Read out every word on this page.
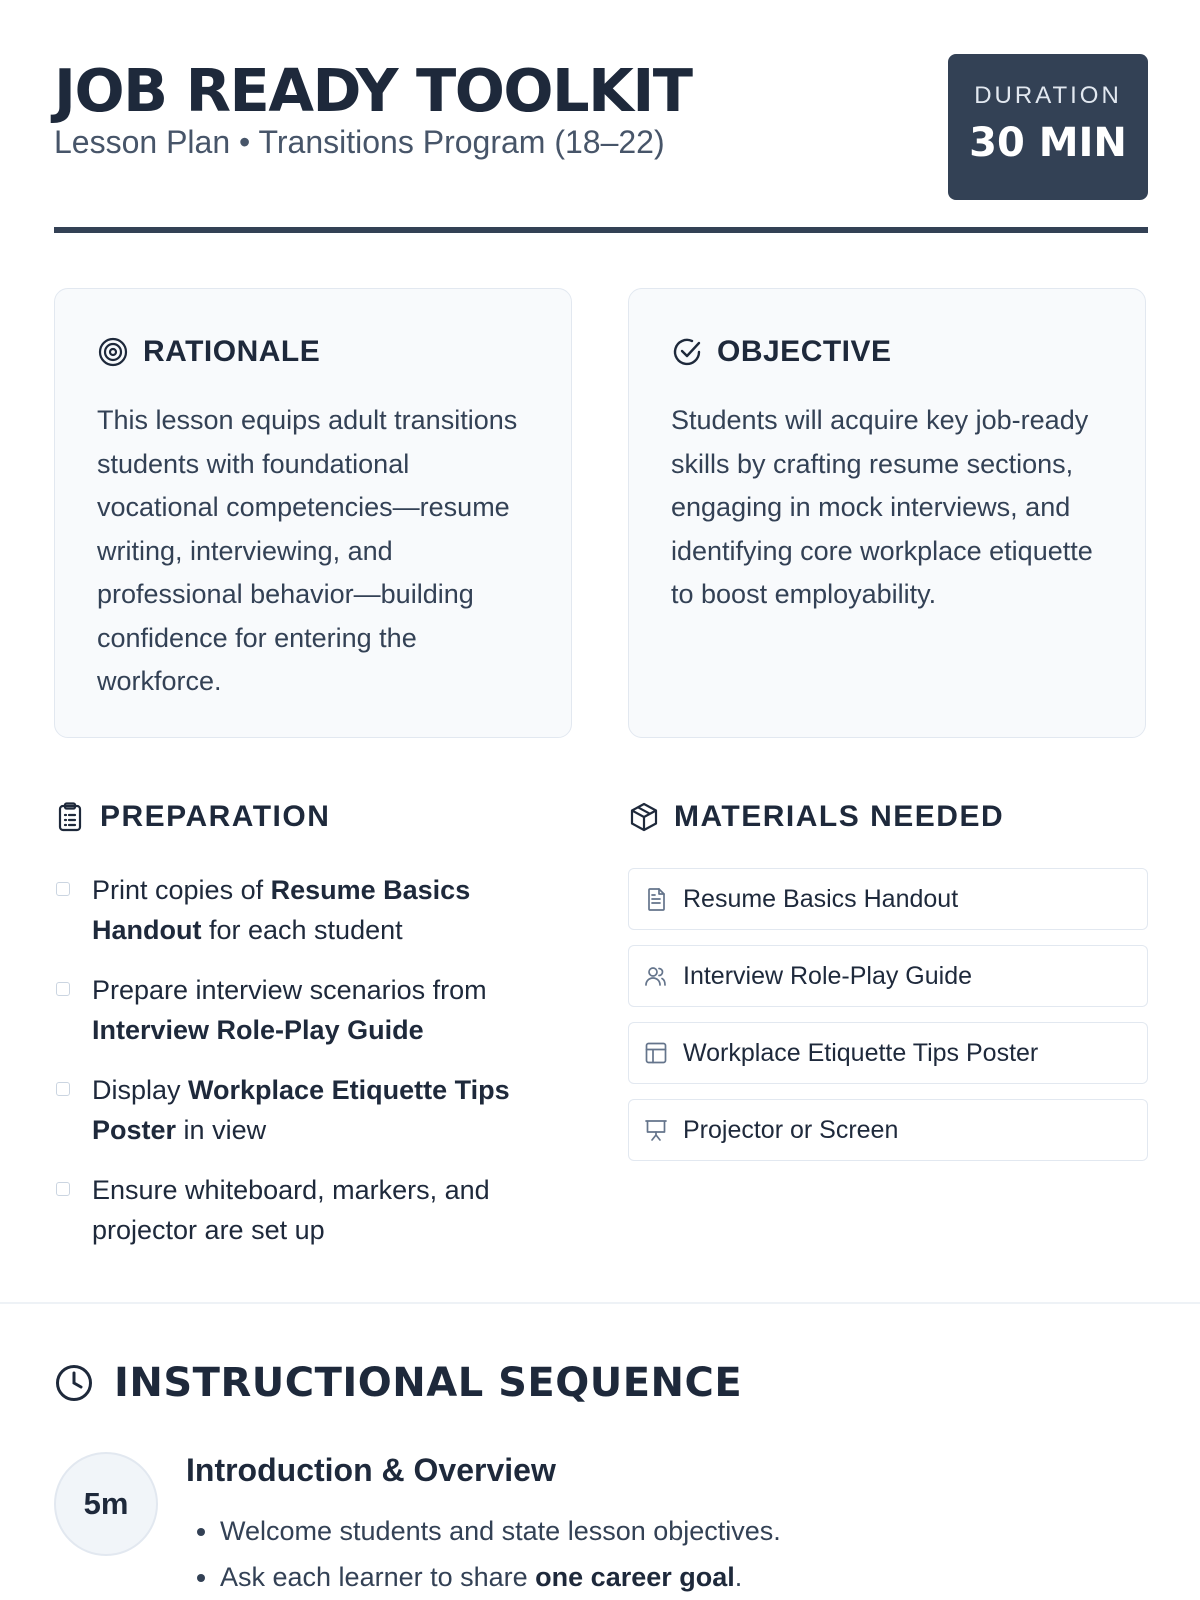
JOB READY TOOLKIT

Lesson Plan • Transitions Program (18–22)

DURATION
30 MIN
RATIONALE

This lesson equips adult transitions students with foundational vocational competencies—resume writing, interviewing, and professional behavior—building confidence for entering the workforce.

OBJECTIVE

Students will acquire key job-ready skills by crafting resume sections, engaging in mock interviews, and identifying core workplace etiquette to boost employability.

PREPARATION
Print copies of Resume Basics Handout for each student
Prepare interview scenarios from Interview Role-Play Guide
Display Workplace Etiquette Tips Poster in view
Ensure whiteboard, markers, and projector are set up
MATERIALS NEEDED
Resume Basics Handout
Interview Role-Play Guide
Workplace Etiquette Tips Poster
Projector or Screen
INSTRUCTIONAL SEQUENCE
5m
Introduction & Overview
• Welcome students and state lesson objectives.
• Ask each learner to share one career goal.
